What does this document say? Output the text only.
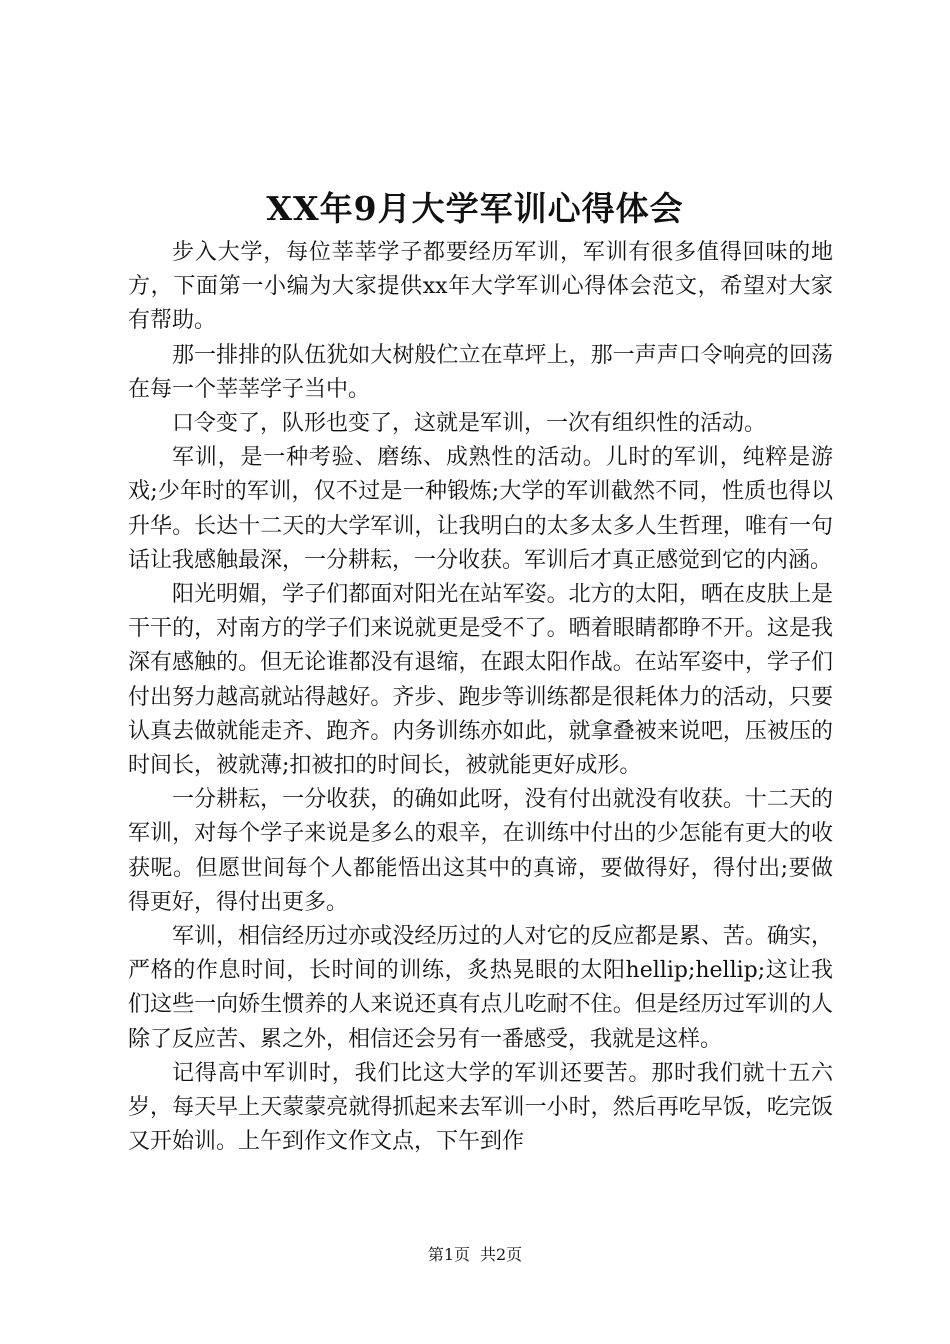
XX年9月大学军训心得体会

步入大学，每位莘莘学子都要经历军训，军训有很多值得回味的地方，下面第一小编为大家提供xx年大学军训心得体会范文，希望对大家有帮助。

那一排排的队伍犹如大树般伫立在草坪上，那一声声口令响亮的回荡在每一个莘莘学子当中。

口令变了，队形也变了，这就是军训，一次有组织性的活动。

军训，是一种考验、磨练、成熟性的活动。儿时的军训，纯粹是游戏;少年时的军训，仅不过是一种锻炼;大学的军训截然不同，性质也得以升华。长达十二天的大学军训，让我明白的太多太多人生哲理，唯有一句话让我感触最深，一分耕耘，一分收获。军训后才真正感觉到它的内涵。

阳光明媚，学子们都面对阳光在站军姿。北方的太阳，晒在皮肤上是干干的，对南方的学子们来说就更是受不了。晒着眼睛都睁不开。这是我深有感触的。但无论谁都没有退缩，在跟太阳作战。在站军姿中，学子们付出努力越高就站得越好。齐步、跑步等训练都是很耗体力的活动，只要认真去做就能走齐、跑齐。内务训练亦如此，就拿叠被来说吧，压被压的时间长，被就薄;扣被扣的时间长，被就能更好成形。

一分耕耘，一分收获，的确如此呀，没有付出就没有收获。十二天的军训，对每个学子来说是多么的艰辛，在训练中付出的少怎能有更大的收获呢。但愿世间每个人都能悟出这其中的真谛，要做得好，得付出;要做得更好，得付出更多。

军训，相信经历过亦或没经历过的人对它的反应都是累、苦。确实，严格的作息时间，长时间的训练，炙热晃眼的太阳hellip;hellip;这让我们这些一向娇生惯养的人来说还真有点儿吃耐不住。但是经历过军训的人除了反应苦、累之外，相信还会另有一番感受，我就是这样。

记得高中军训时，我们比这大学的军训还要苦。那时我们就十五六岁，每天早上天蒙蒙亮就得抓起来去军训一小时，然后再吃早饭，吃完饭又开始训。上午到作文作文点，下午到作

第1页 共2页
